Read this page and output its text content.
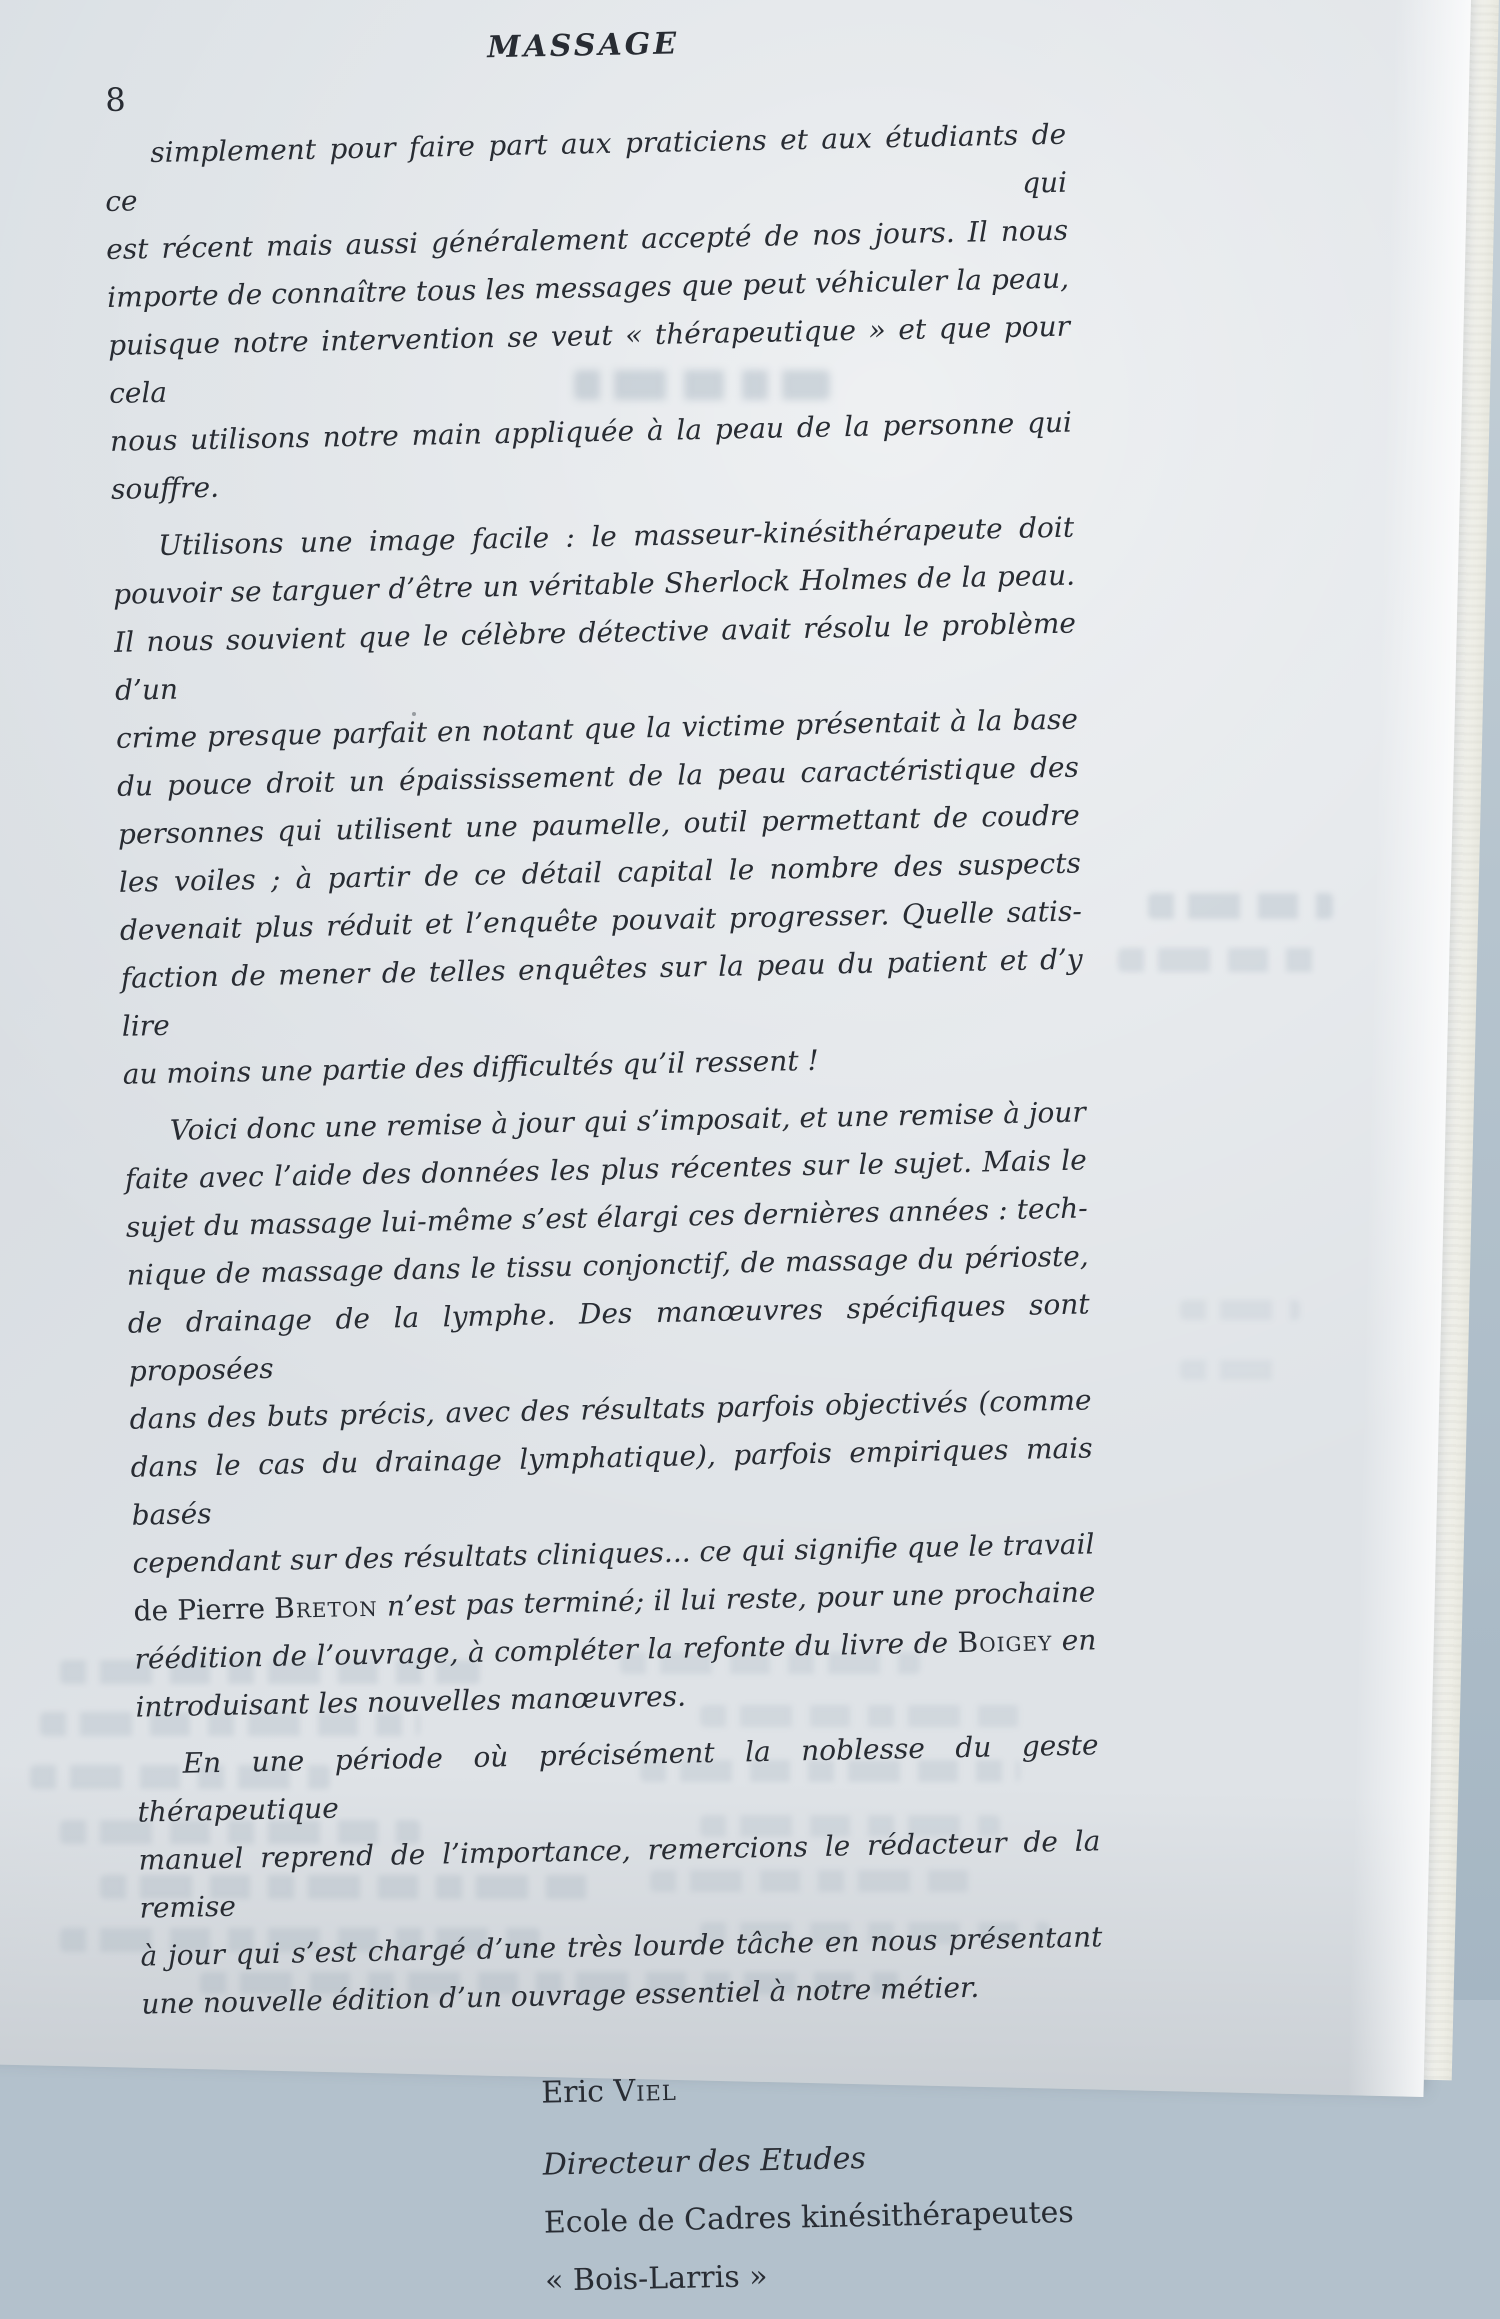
MASSAGE
8
simplement pour faire part aux praticiens et aux étudiants de ce qui
est récent mais aussi généralement accepté de nos jours. Il nous
importe de connaître tous les messages que peut véhiculer la peau,
puisque notre intervention se veut « thérapeutique » et que pour cela
nous utilisons notre main appliquée à la peau de la personne qui
souffre.
Utilisons une image facile : le masseur-kinésithérapeute doit
pouvoir se targuer d’être un véritable Sherlock Holmes de la peau.
Il nous souvient que le célèbre détective avait résolu le problème d’un
crime presque parfait en notant que la victime présentait à la base
du pouce droit un épaississement de la peau caractéristique des
personnes qui utilisent une paumelle, outil permettant de coudre
les voiles ; à partir de ce détail capital le nombre des suspects
devenait plus réduit et l’enquête pouvait progresser. Quelle satis-
faction de mener de telles enquêtes sur la peau du patient et d’y lire
au moins une partie des difficultés qu’il ressent !
Voici donc une remise à jour qui s’imposait, et une remise à jour
faite avec l’aide des données les plus récentes sur le sujet. Mais le
sujet du massage lui-même s’est élargi ces dernières années : tech-
nique de massage dans le tissu conjonctif, de massage du périoste,
de drainage de la lymphe. Des manœuvres spécifiques sont proposées
dans des buts précis, avec des résultats parfois objectivés (comme
dans le cas du drainage lymphatique), parfois empiriques mais basés
cependant sur des résultats cliniques... ce qui signifie que le travail
de Pierre Breton n’est pas terminé; il lui reste, pour une prochaine
réédition de l’ouvrage, à compléter la refonte du livre de Boigey en
introduisant les nouvelles manœuvres.
En une période où précisément la noblesse du geste thérapeutique
manuel reprend de l’importance, remercions le rédacteur de la remise
à jour qui s’est chargé d’une très lourde tâche en nous présentant
une nouvelle édition d’un ouvrage essentiel à notre métier.
Eric Viel
Directeur des Etudes
Ecole de Cadres kinésithérapeutes
« Bois-Larris »
